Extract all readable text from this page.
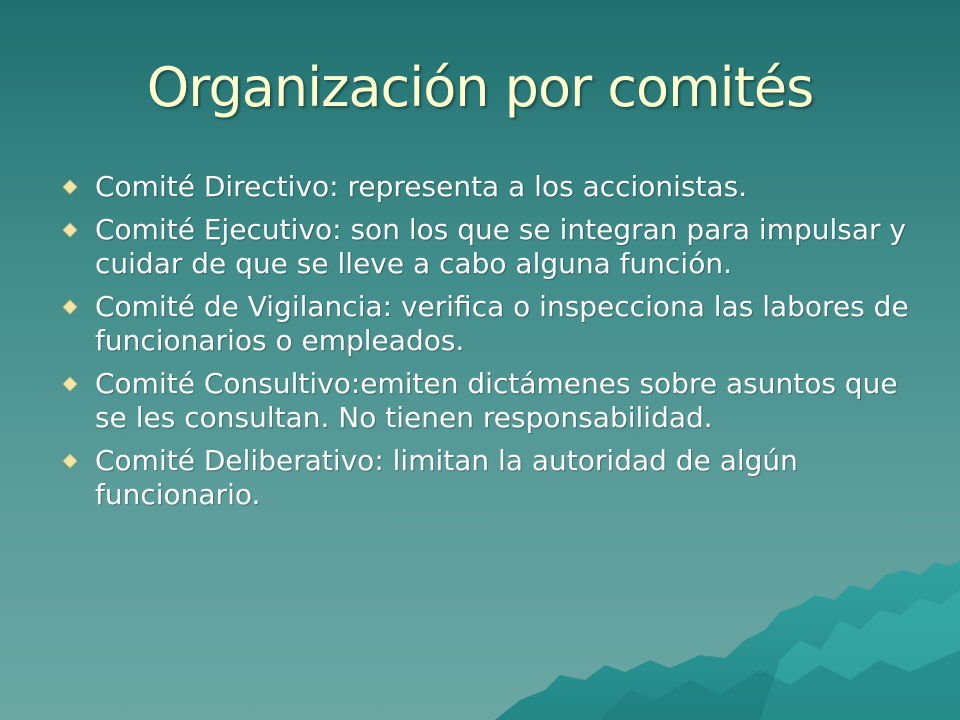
Organización por comités
Comité Directivo: representa a los accionistas.
Comité Ejecutivo: son los que se integran para impulsar y cuidar de que se lleve a cabo alguna función.
Comité de Vigilancia: verifica o inspecciona las labores de funcionarios o empleados.
Comité Consultivo:emiten dictámenes sobre asuntos que se les consultan. No tienen responsabilidad.
Comité Deliberativo: limitan la autoridad de algún funcionario.
